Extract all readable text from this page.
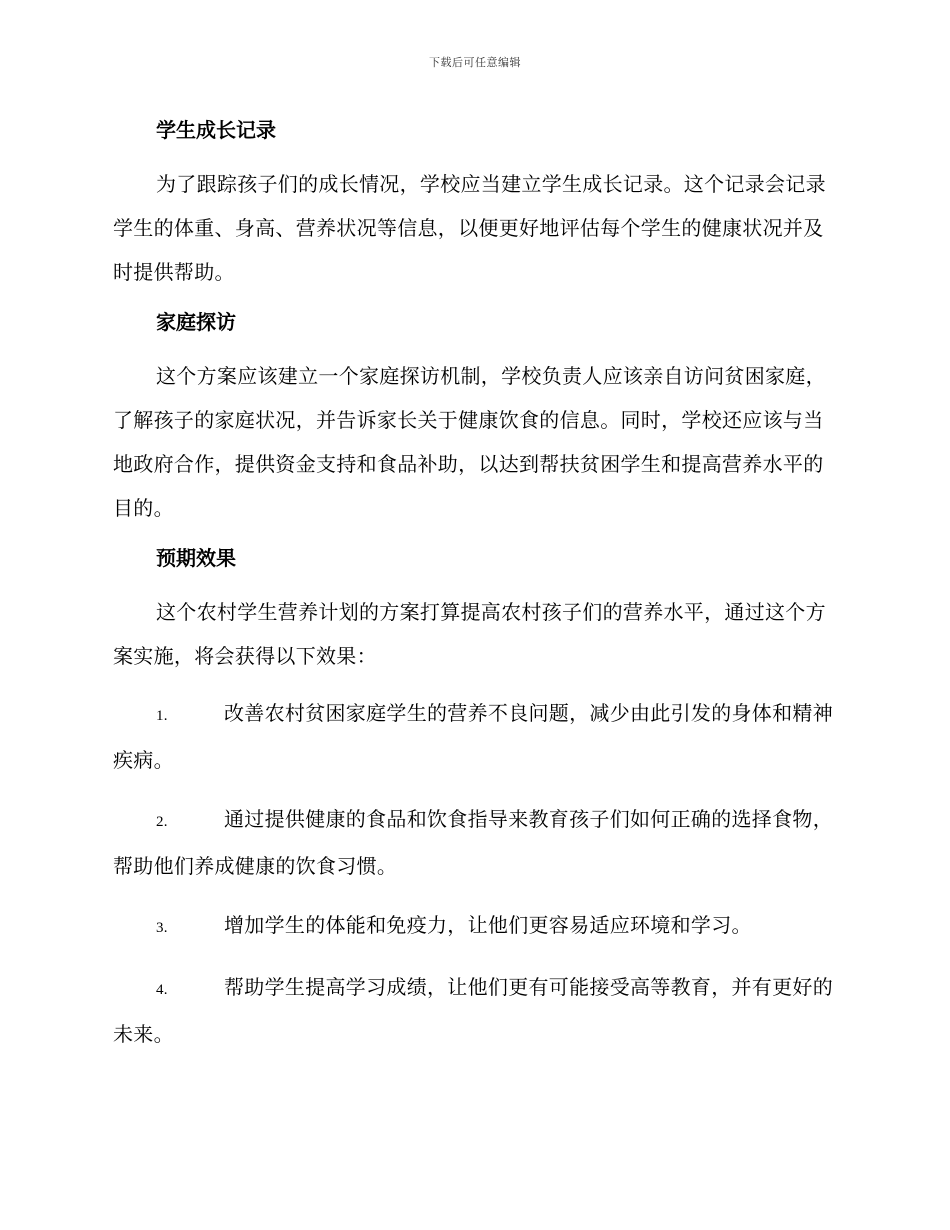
下载后可任意编辑
学生成长记录

为了跟踪孩子们的成长情况，学校应当建立学生成长记录。这个记录会记录学生的体重、身高、营养状况等信息，以便更好地评估每个学生的健康状况并及时提供帮助。

家庭探访

这个方案应该建立一个家庭探访机制，学校负责人应该亲自访问贫困家庭，了解孩子的家庭状况，并告诉家长关于健康饮食的信息。同时，学校还应该与当地政府合作，提供资金支持和食品补助，以达到帮扶贫困学生和提高营养水平的目的。

预期效果

这个农村学生营养计划的方案打算提高农村孩子们的营养水平，通过这个方案实施，将会获得以下效果：

1.	改善农村贫困家庭学生的营养不良问题，减少由此引发的身体和精神疾病。

2.	通过提供健康的食品和饮食指导来教育孩子们如何正确的选择食物，帮助他们养成健康的饮食习惯。

3.	增加学生的体能和免疫力，让他们更容易适应环境和学习。

4.	帮助学生提高学习成绩，让他们更有可能接受高等教育，并有更好的未来。
